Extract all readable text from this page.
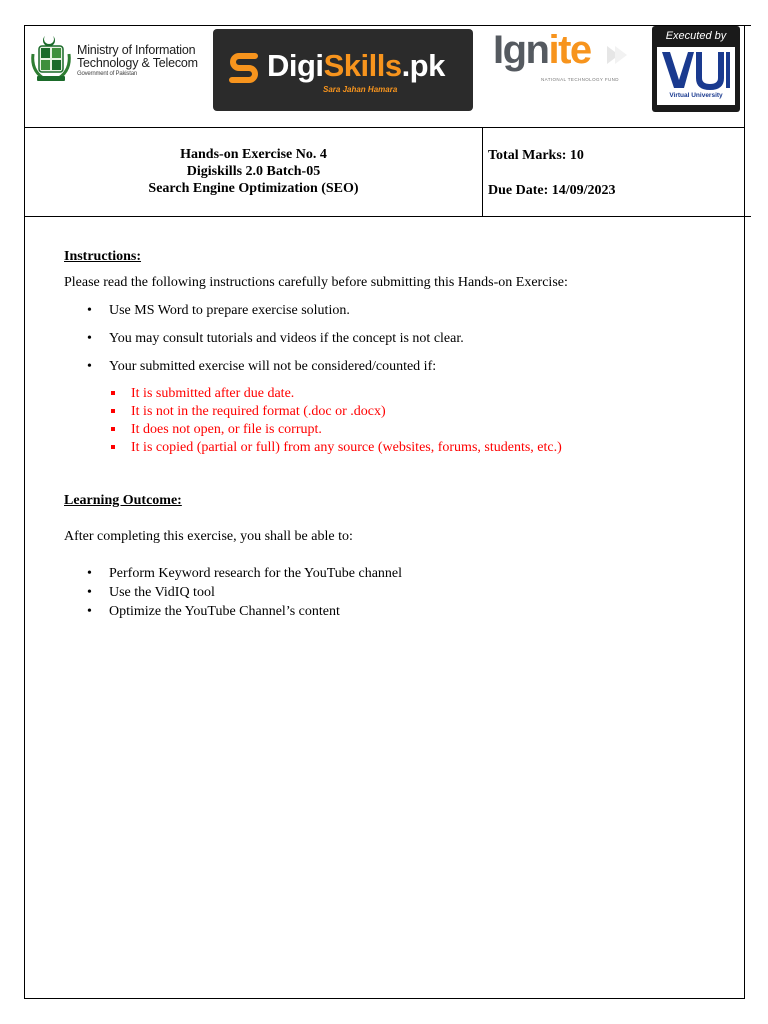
Ministry of Information
Technology & Telecom
Government of Pakistan	DigiSkills.pk
Sara Jahan Hamara
Ignite
NATIONAL TECHNOLOGY FUND
Executed by
Virtual University
Hands-on Exercise No. 4
Digiskills 2.0 Batch-05
Search Engine Optimization (SEO)
Total Marks: 10
Due Date: 14/09/2023
Instructions:
Please read the following instructions carefully before submitting this Hands-on Exercise:
• Use MS Word to prepare exercise solution.
• You may consult tutorials and videos if the concept is not clear.
• Your submitted exercise will not be considered/counted if:
It is submitted after due date.
It is not in the required format (.doc or .docx)
It does not open, or file is corrupt.
It is copied (partial or full) from any source (websites, forums, students, etc.)
Learning Outcome:
After completing this exercise, you shall be able to:
• Perform Keyword research for the YouTube channel
• Use the VidIQ tool
• Optimize the YouTube Channel’s content
